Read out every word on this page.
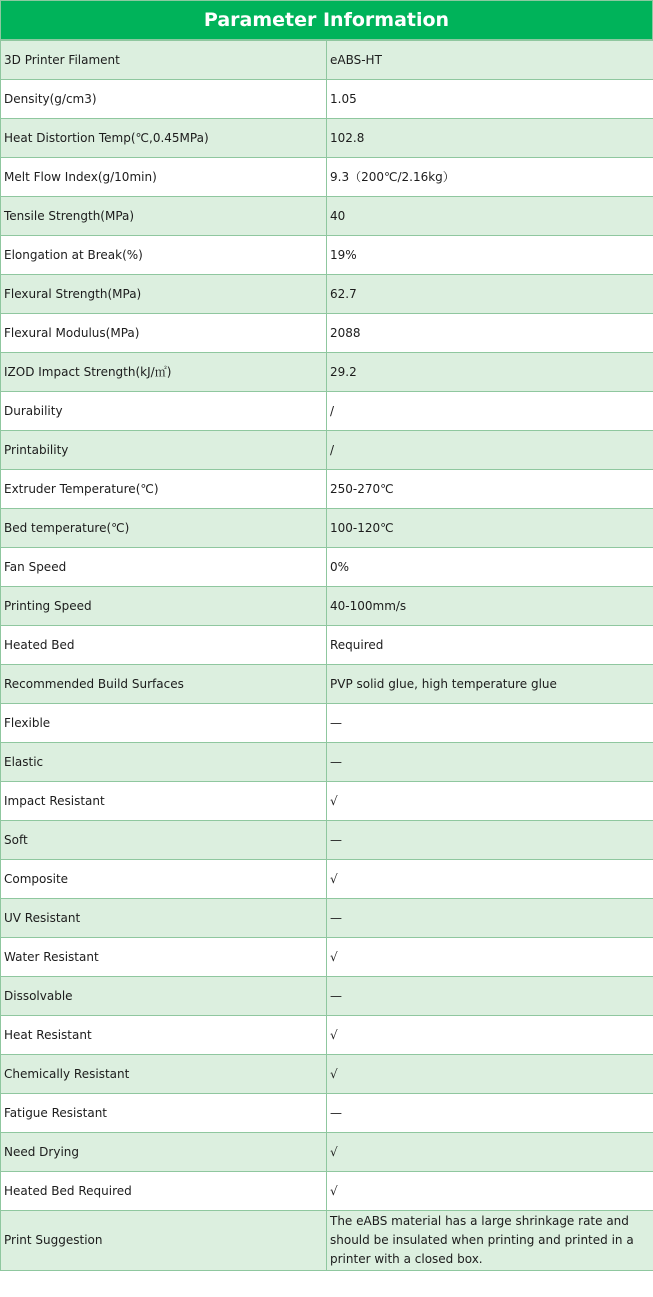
Parameter Information
3D Printer Filament	eABS-HT
Density(g/cm3)	1.05
Heat Distortion Temp(℃,0.45MPa)	102.8
Melt Flow Index(g/10min)	9.3（200℃/2.16kg）
Tensile Strength(MPa)	40
Elongation at Break(%)	19%
Flexural Strength(MPa)	62.7
Flexural Modulus(MPa)	2088
IZOD Impact Strength(kJ/㎡)	29.2
Durability	/
Printability	/
Extruder Temperature(℃)	250-270℃
Bed temperature(℃)	100-120℃
Fan Speed	0%
Printing Speed	40-100mm/s
Heated Bed	Required
Recommended Build Surfaces	PVP solid glue, high temperature glue
Flexible	—
Elastic	—
Impact Resistant	√
Soft	—
Composite	√
UV Resistant	—
Water Resistant	√
Dissolvable	—
Heat Resistant	√
Chemically Resistant	√
Fatigue Resistant	—
Need Drying	√
Heated Bed Required	√
Print Suggestion	The eABS material has a large shrinkage rate and should be insulated when printing and printed in a printer with a closed box.
